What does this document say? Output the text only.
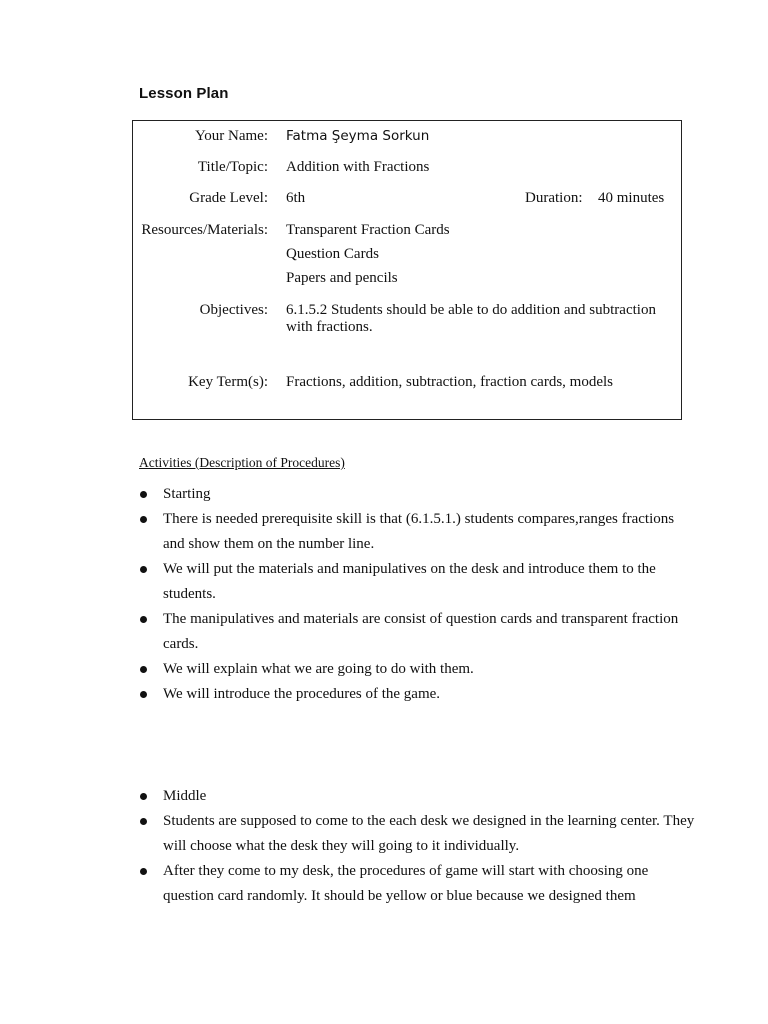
Lesson Plan
Your Name: Fatma Şeyma Sorkun
Title/Topic: Addition with Fractions
Grade Level: 6th	Duration: 40 minutes
Resources/Materials: Transparent Fraction Cards
Question Cards
Papers and pencils
Objectives: 6.1.5.2 Students should be able to do addition and subtraction with fractions.
Key Term(s): Fractions, addition, subtraction, fraction cards, models
Activities (Description of Procedures)
Starting
There is needed prerequisite skill is that (6.1.5.1.) students compares,ranges fractions and show them on the number line.
We will put the materials and manipulatives on the desk and introduce them to the students.
The manipulatives and materials are consist of question cards and transparent fraction cards.
We will explain what we are going to do with them.
We will introduce the procedures of the game.
Middle
Students are supposed to come to the each desk we designed in the learning center. They will choose what the desk they will going to it individually.
After they come to my desk, the procedures of game will start with choosing one question card randomly. It should be yellow or blue because we designed them
